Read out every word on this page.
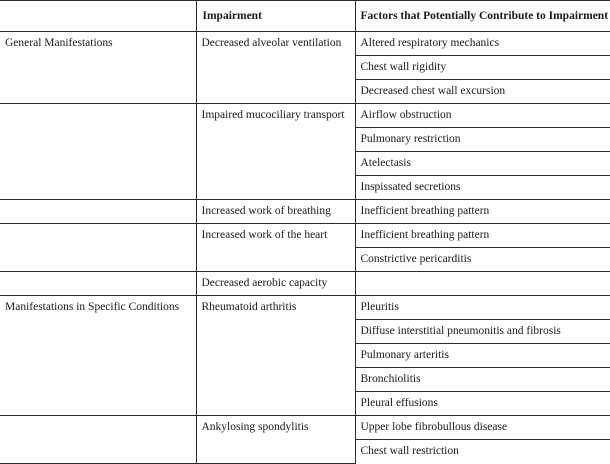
	Impairment	Factors that Potentially Contribute to Impairment
General Manifestations	Decreased alveolar ventilation	Altered respiratory mechanics
		Chest wall rigidity
		Decreased chest wall excursion
	Impaired mucociliary transport	Airflow obstruction
		Pulmonary restriction
		Atelectasis
		Inspissated secretions
	Increased work of breathing	Inefficient breathing pattern
	Increased work of the heart	Inefficient breathing pattern
		Constrictive pericarditis
	Decreased aerobic capacity	
Manifestations in Specific Conditions	Rheumatoid arthritis	Pleuritis
		Diffuse interstitial pneumonitis and fibrosis
		Pulmonary arteritis
		Bronchiolitis
		Pleural effusions
	Ankylosing spondylitis	Upper lobe fibrobullous disease
		Chest wall restriction
